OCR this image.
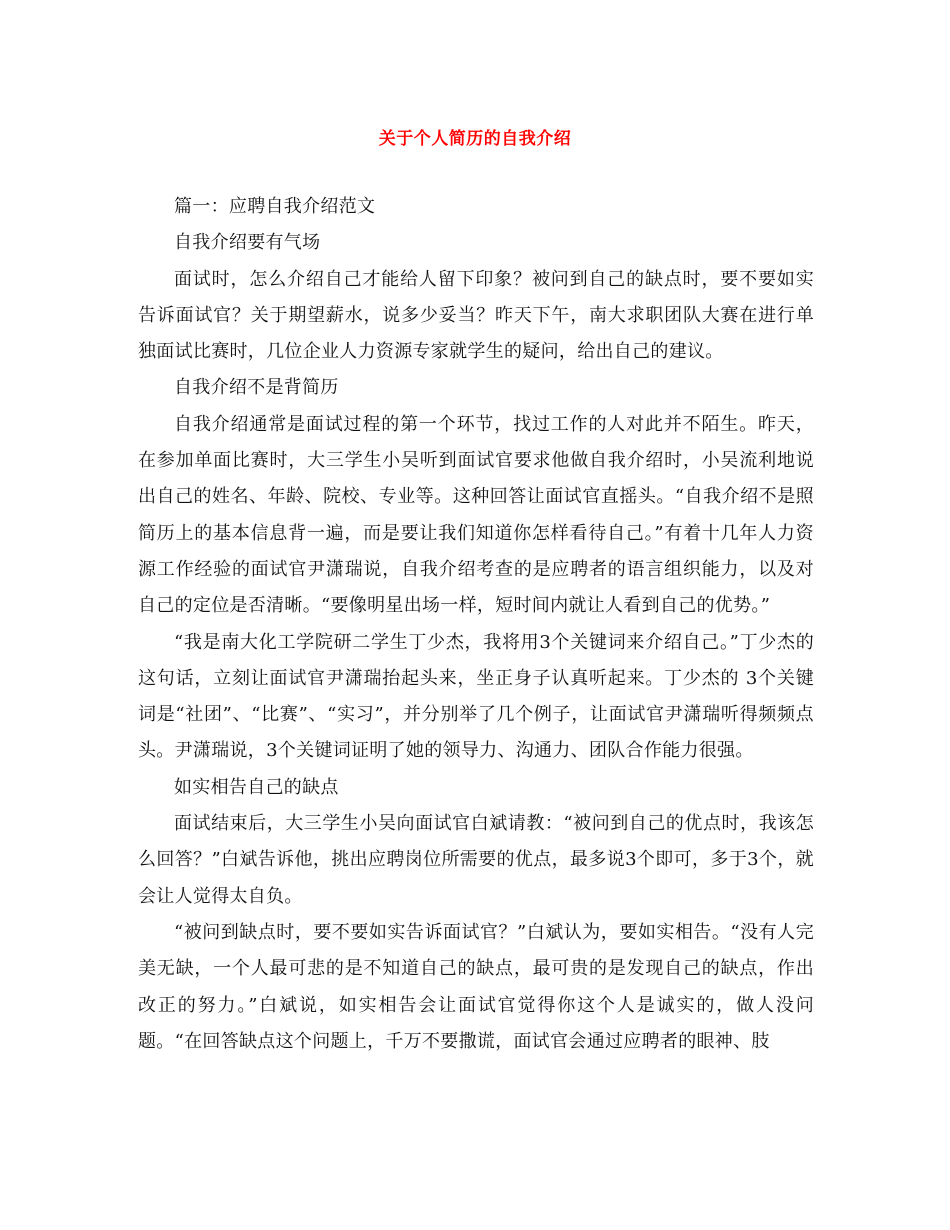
关于个人简历的自我介绍

篇一：应聘自我介绍范文

自我介绍要有气场

面试时，怎么介绍自己才能给人留下印象？被问到自己的缺点时，要不要如实告诉面试官？关于期望薪水，说多少妥当？昨天下午，南大求职团队大赛在进行单独面试比赛时，几位企业人力资源专家就学生的疑问，给出自己的建议。

自我介绍不是背简历

自我介绍通常是面试过程的第一个环节，找过工作的人对此并不陌生。昨天，在参加单面比赛时，大三学生小吴听到面试官要求他做自我介绍时，小吴流利地说出自己的姓名、年龄、院校、专业等。这种回答让面试官直摇头。“自我介绍不是照简历上的基本信息背一遍，而是要让我们知道你怎样看待自己。”有着十几年人力资源工作经验的面试官尹潇瑞说，自我介绍考查的是应聘者的语言组织能力，以及对自己的定位是否清晰。“要像明星出场一样，短时间内就让人看到自己的优势。”

“我是南大化工学院研二学生丁少杰，我将用3个关键词来介绍自己。”丁少杰的这句话，立刻让面试官尹潇瑞抬起头来，坐正身子认真听起来。丁少杰的 3个关键词是“社团”、“比赛”、“实习”，并分别举了几个例子，让面试官尹潇瑞听得频频点头。尹潇瑞说，3个关键词证明了她的领导力、沟通力、团队合作能力很强。

如实相告自己的缺点

面试结束后，大三学生小吴向面试官白斌请教：“被问到自己的优点时，我该怎么回答？”白斌告诉他，挑出应聘岗位所需要的优点，最多说3个即可，多于3个，就会让人觉得太自负。

“被问到缺点时，要不要如实告诉面试官？”白斌认为，要如实相告。“没有人完美无缺，一个人最可悲的是不知道自己的缺点，最可贵的是发现自己的缺点，作出改正的努力。”白斌说，如实相告会让面试官觉得你这个人是诚实的，做人没问题。“在回答缺点这个问题上，千万不要撒谎，面试官会通过应聘者的眼神、肢
